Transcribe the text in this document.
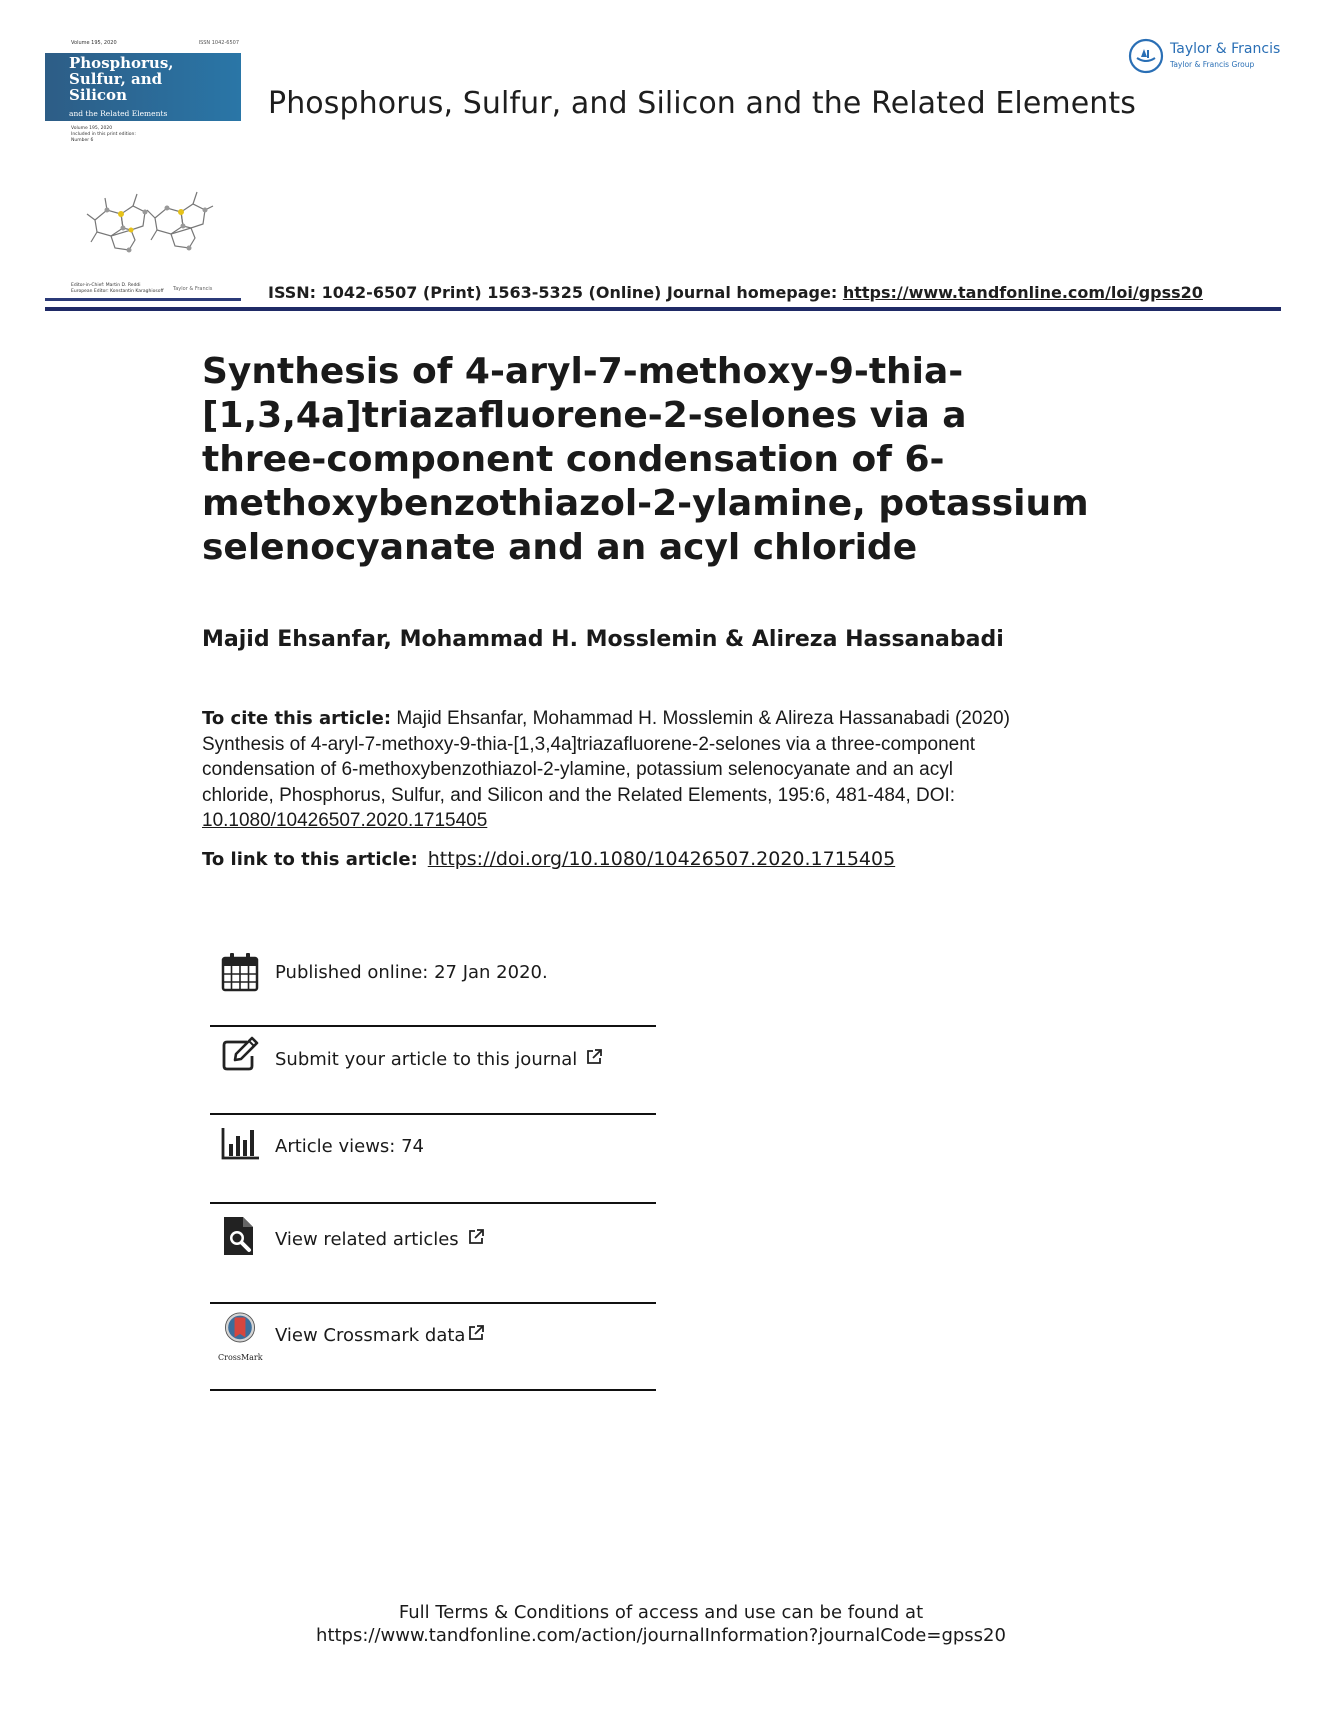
Volume 195, 2020	ISSN 1042-6507
Phosphorus,
Sulfur, and
Silicon
and the Related Elements
Volume 195, 2020
Included in this print edition:
Number 6
Editor-in-Chief: Martin D. Reddi
European Editor: Konstantin Karaghiosoff Taylor & Francis
Phosphorus, Sulfur, and Silicon and the Related Elements
Taylor & Francis
Taylor & Francis Group
ISSN: 1042-6507 (Print) 1563-5325 (Online) Journal homepage: https://www.tandfonline.com/loi/gpss20
Synthesis of 4-aryl-7-methoxy-9-thia-
[1,3,4a]triazafluorene-2-selones via a
three-component condensation of 6-
methoxybenzothiazol-2-ylamine, potassium
selenocyanate and an acyl chloride
Majid Ehsanfar, Mohammad H. Mosslemin & Alireza Hassanabadi
To cite this article: Majid Ehsanfar, Mohammad H. Mosslemin & Alireza Hassanabadi (2020)
Synthesis of 4-aryl-7-methoxy-9-thia-[1,3,4a]triazafluorene-2-selones via a three-component
condensation of 6-methoxybenzothiazol-2-ylamine, potassium selenocyanate and an acyl
chloride, Phosphorus, Sulfur, and Silicon and the Related Elements, 195:6, 481-484, DOI:
10.1080/10426507.2020.1715405
To link to this article: https://doi.org/10.1080/10426507.2020.1715405
Published online: 27 Jan 2020.
Submit your article to this journal
Article views: 74
View related articles
CrossMark
View Crossmark data
Full Terms & Conditions of access and use can be found at
https://www.tandfonline.com/action/journalInformation?journalCode=gpss20
